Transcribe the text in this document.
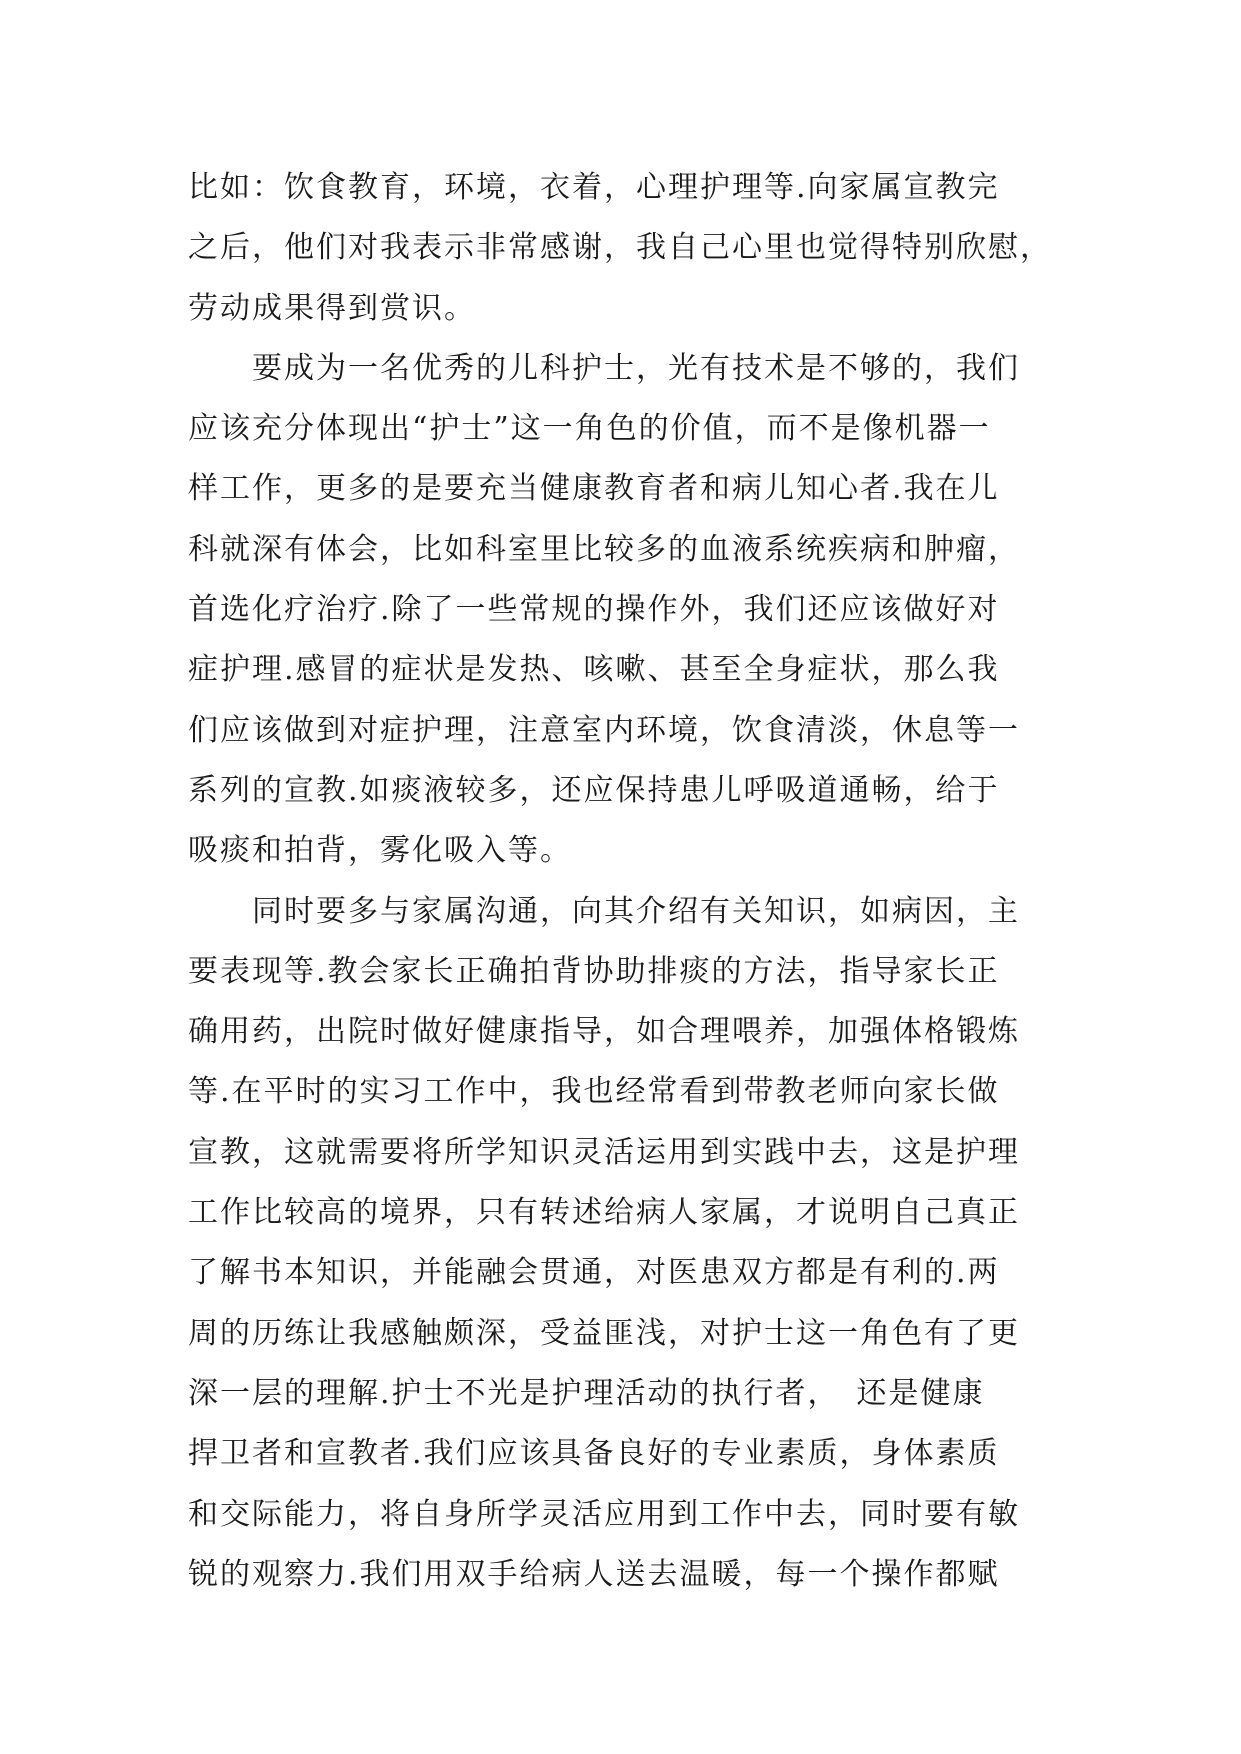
比如：饮食教育，环境，衣着，心理护理等.向家属宣教完
之后，他们对我表示非常感谢，我自己心里也觉得特别欣慰，
劳动成果得到赏识。
　　要成为一名优秀的儿科护士，光有技术是不够的，我们
应该充分体现出“护士”这一角色的价值，而不是像机器一
样工作，更多的是要充当健康教育者和病儿知心者.我在儿
科就深有体会，比如科室里比较多的血液系统疾病和肿瘤，
首选化疗治疗.除了一些常规的操作外，我们还应该做好对
症护理.感冒的症状是发热、咳嗽、甚至全身症状，那么我
们应该做到对症护理，注意室内环境，饮食清淡，休息等一
系列的宣教.如痰液较多，还应保持患儿呼吸道通畅，给于
吸痰和拍背，雾化吸入等。
　　同时要多与家属沟通，向其介绍有关知识，如病因，主
要表现等.教会家长正确拍背协助排痰的方法，指导家长正
确用药，出院时做好健康指导，如合理喂养，加强体格锻炼
等.在平时的实习工作中，我也经常看到带教老师向家长做
宣教，这就需要将所学知识灵活运用到实践中去，这是护理
工作比较高的境界，只有转述给病人家属，才说明自己真正
了解书本知识，并能融会贯通，对医患双方都是有利的.两
周的历练让我感触颇深，受益匪浅，对护士这一角色有了更
深一层的理解.护士不光是护理活动的执行者，　还是健康
捍卫者和宣教者.我们应该具备良好的专业素质，身体素质
和交际能力，将自身所学灵活应用到工作中去，同时要有敏
锐的观察力.我们用双手给病人送去温暖，每一个操作都赋
